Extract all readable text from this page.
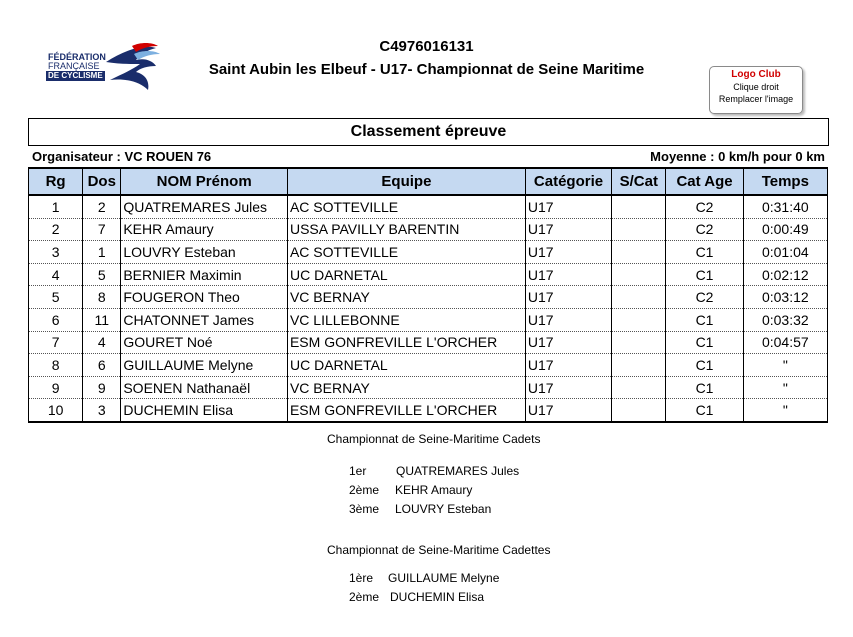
FÉDÉRATION
FRANÇAISE
DE CYCLISME
C4976016131
Saint Aubin les Elbeuf - U17- Championnat de Seine Maritime	Logo Club
Clique droit
Remplacer l'image
Classement épreuve
Organisateur : VC ROUEN 76	Moyenne : 0 km/h pour 0 km
Rg	Dos	NOM Prénom	Equipe	Catégorie	S/Cat	Cat Age	Temps
1	2	QUATREMARES Jules	AC SOTTEVILLE	U17		C2	0:31:40
2	7	KEHR Amaury	USSA PAVILLY BARENTIN	U17		C2	0:00:49
3	1	LOUVRY Esteban	AC SOTTEVILLE	U17		C1	0:01:04
4	5	BERNIER Maximin	UC DARNETAL	U17		C1	0:02:12
5	8	FOUGERON Theo	VC BERNAY	U17		C2	0:03:12
6	11	CHATONNET James	VC LILLEBONNE	U17		C1	0:03:32
7	4	GOURET Noé	ESM GONFREVILLE L'ORCHER	U17		C1	0:04:57
8	6	GUILLAUME Melyne	UC DARNETAL	U17		C1	"
9	9	SOENEN Nathanaël	VC BERNAY	U17		C1	"
10	3	DUCHEMIN Elisa	ESM GONFREVILLE L'ORCHER	U17		C1	"
Championnat de Seine-Maritime Cadets
1er QUATREMARES Jules
2ème KEHR Amaury
3ème LOUVRY Esteban
Championnat de Seine-Maritime Cadettes
1ère GUILLAUME Melyne
2ème DUCHEMIN Elisa
